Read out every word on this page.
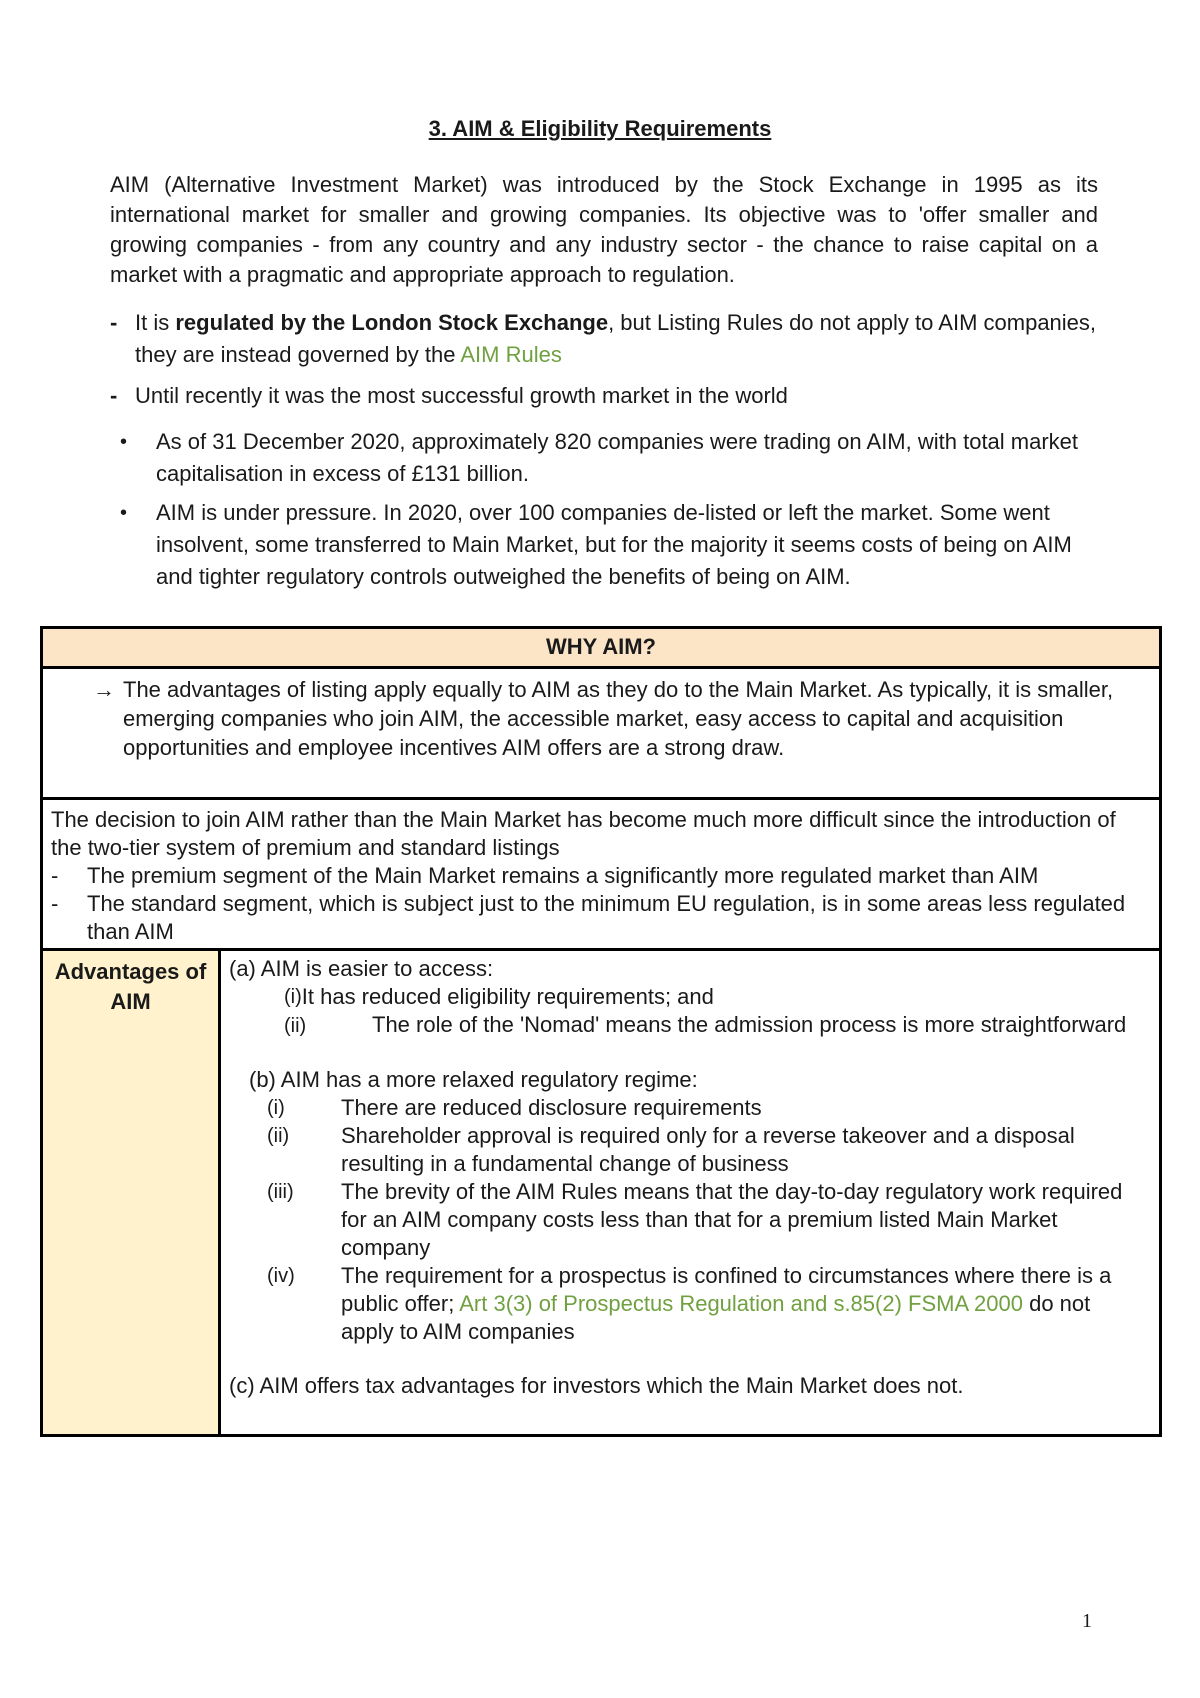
3. AIM & Eligibility Requirements

AIM (Alternative Investment Market) was introduced by the Stock Exchange in 1995 as its international market for smaller and growing companies. Its objective was to 'offer smaller and growing companies - from any country and any industry sector - the chance to raise capital on a market with a pragmatic and appropriate approach to regulation.

- It is regulated by the London Stock Exchange, but Listing Rules do not apply to AIM companies, they are instead governed by the AIM Rules
- Until recently it was the most successful growth market in the world
•	As of 31 December 2020, approximately 820 companies were trading on AIM, with total market capitalisation in excess of £131 billion.
•	AIM is under pressure. In 2020, over 100 companies de-listed or left the market. Some went insolvent, some transferred to Main Market, but for the majority it seems costs of being on AIM and tighter regulatory controls outweighed the benefits of being on AIM.
WHY AIM?

→ The advantages of listing apply equally to AIM as they do to the Main Market. As typically, it is smaller, emerging companies who join AIM, the accessible market, easy access to capital and acquisition opportunities and employee incentives AIM offers are a strong draw.

The decision to join AIM rather than the Main Market has become much more difficult since the introduction of the two-tier system of premium and standard listings
-	The premium segment of the Main Market remains a significantly more regulated market than AIM
-	The standard segment, which is subject just to the minimum EU regulation, is in some areas less regulated than AIM

Advantages of AIM	
(a) AIM is easier to access:
(i) It has reduced eligibility requirements; and
(ii)	The role of the 'Nomad' means the admission process is more straightforward
(b) AIM has a more relaxed regulatory regime:
(i)	There are reduced disclosure requirements
(ii)	Shareholder approval is required only for a reverse takeover and a disposal resulting in a fundamental change of business
(iii)	The brevity of the AIM Rules means that the day-to-day regulatory work required for an AIM company costs less than that for a premium listed Main Market company
(iv)	The requirement for a prospectus is confined to circumstances where there is a public offer; Art 3(3) of Prospectus Regulation and s.85(2) FSMA 2000 do not apply to AIM companies
(c) AIM offers tax advantages for investors which the Main Market does not.
1
